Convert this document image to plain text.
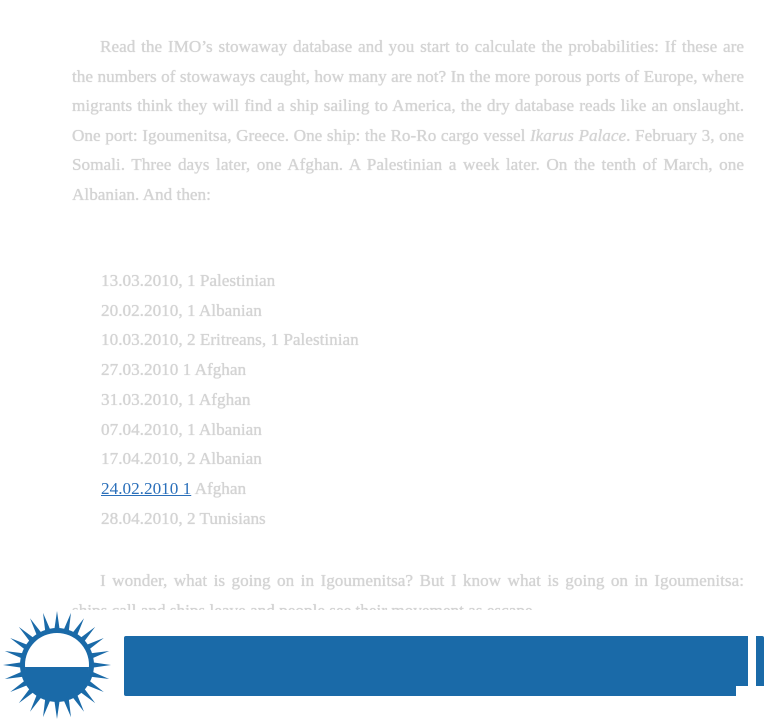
Read the IMO’s stowaway database and you start to calculate the probabilities: If these are the numbers of stowaways caught, how many are not? In the more porous ports of Europe, where migrants think they will find a ship sailing to America, the dry database reads like an onslaught. One port: Igoumenitsa, Greece. One ship: the Ro-Ro cargo vessel Ikarus Palace. February 3, one Somali. Three days later, one Afghan. A Palestinian a week later. On the tenth of March, one Albanian. And then:

13.03.2010, 1 Palestinian
20.02.2010, 1 Albanian
10.03.2010, 2 Eritreans, 1 Palestinian
27.03.2010 1 Afghan
31.03.2010, 1 Afghan
07.04.2010, 1 Albanian
17.04.2010, 2 Albanian
24.02.2010 1 Afghan
28.04.2010, 2 Tunisians

I wonder, what is going on in Igoumenitsa? But I know what is going on in Igoumenitsa:
